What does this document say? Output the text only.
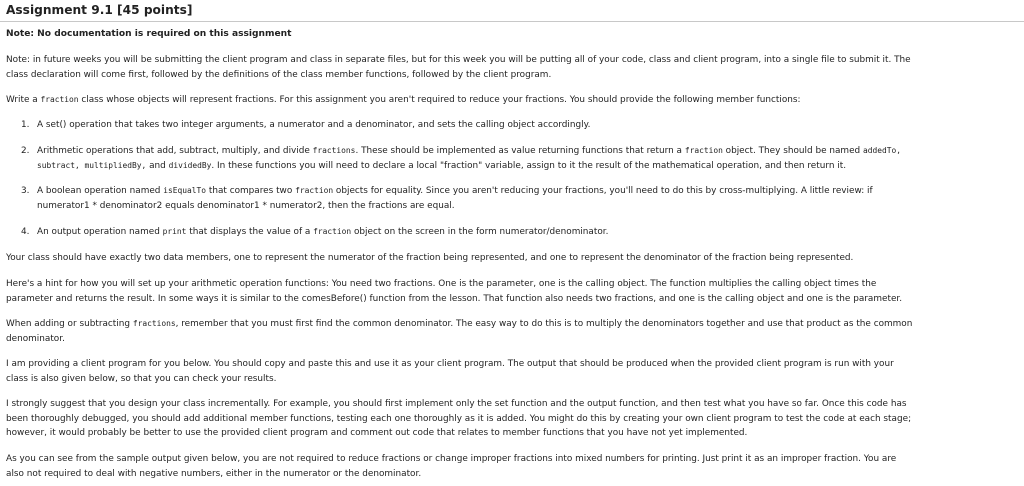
Assignment 9.1 [45 points]
Note: No documentation is required on this assignment
Note: in future weeks you will be submitting the client program and class in separate files, but for this week you will be putting all of your code, class and client program, into a single file to submit it. The
class declaration will come first, followed by the definitions of the class member functions, followed by the client program.
Write a fraction class whose objects will represent fractions. For this assignment you aren't required to reduce your fractions. You should provide the following member functions:
1. A set() operation that takes two integer arguments, a numerator and a denominator, and sets the calling object accordingly.
2. Arithmetic operations that add, subtract, multiply, and divide fractions. These should be implemented as value returning functions that return a fraction object. They should be named addedTo,
subtract, multipliedBy, and dividedBy. In these functions you will need to declare a local "fraction" variable, assign to it the result of the mathematical operation, and then return it.
3. A boolean operation named isEqualTo that compares two fraction objects for equality. Since you aren't reducing your fractions, you'll need to do this by cross-multiplying. A little review: if
numerator1 * denominator2 equals denominator1 * numerator2, then the fractions are equal.
4. An output operation named print that displays the value of a fraction object on the screen in the form numerator/denominator.
Your class should have exactly two data members, one to represent the numerator of the fraction being represented, and one to represent the denominator of the fraction being represented.
Here's a hint for how you will set up your arithmetic operation functions: You need two fractions. One is the parameter, one is the calling object. The function multiplies the calling object times the
parameter and returns the result. In some ways it is similar to the comesBefore() function from the lesson. That function also needs two fractions, and one is the calling object and one is the parameter.
When adding or subtracting fractions, remember that you must first find the common denominator. The easy way to do this is to multiply the denominators together and use that product as the common
denominator.
I am providing a client program for you below. You should copy and paste this and use it as your client program. The output that should be produced when the provided client program is run with your
class is also given below, so that you can check your results.
I strongly suggest that you design your class incrementally. For example, you should first implement only the set function and the output function, and then test what you have so far. Once this code has
been thoroughly debugged, you should add additional member functions, testing each one thoroughly as it is added. You might do this by creating your own client program to test the code at each stage;
however, it would probably be better to use the provided client program and comment out code that relates to member functions that you have not yet implemented.
As you can see from the sample output given below, you are not required to reduce fractions or change improper fractions into mixed numbers for printing. Just print it as an improper fraction. You are
also not required to deal with negative numbers, either in the numerator or the denominator.
